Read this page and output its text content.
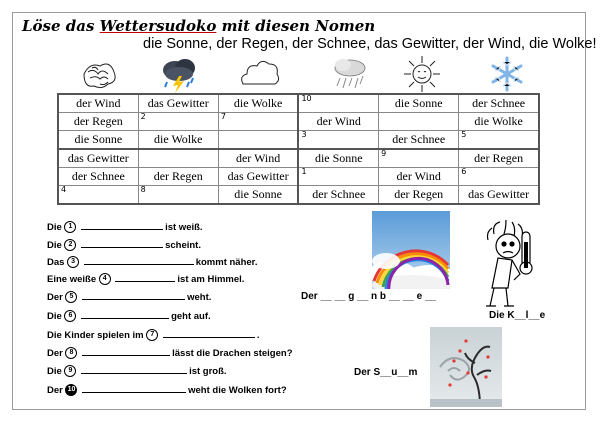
Löse das Wettersudoko mit diesen Nomen
die Sonne, der Regen, der Schnee, das Gewitter, der Wind, die Wolke!
der Wind	das Gewitter	die Wolke	10	die Sonne	der Schnee
der Regen	2	7	der Wind		die Wolke
die Sonne	die Wolke		3	der Schnee	5

das Gewitter		der Wind	die Sonne	9	der Regen
der Schnee	der Regen	das Gewitter	1	der Wind	6

4	8	die Sonne	der Schnee	der Regen	das Gewitter
Die 1	ist weiß.
Die 2	scheint.
Das 3	kommt näher.
Eine weiße 4	ist am Himmel.
Der 5	weht.
Die 6	geht auf.
Die Kinder spielen im 7	.
Der 8	lässt die Drachen steigen?
Die 9	ist groß.
Der 10	weht die Wolken fort?
Der __ __ g __ n b __ __ e __
Die K__l__e
Der S__u__m
